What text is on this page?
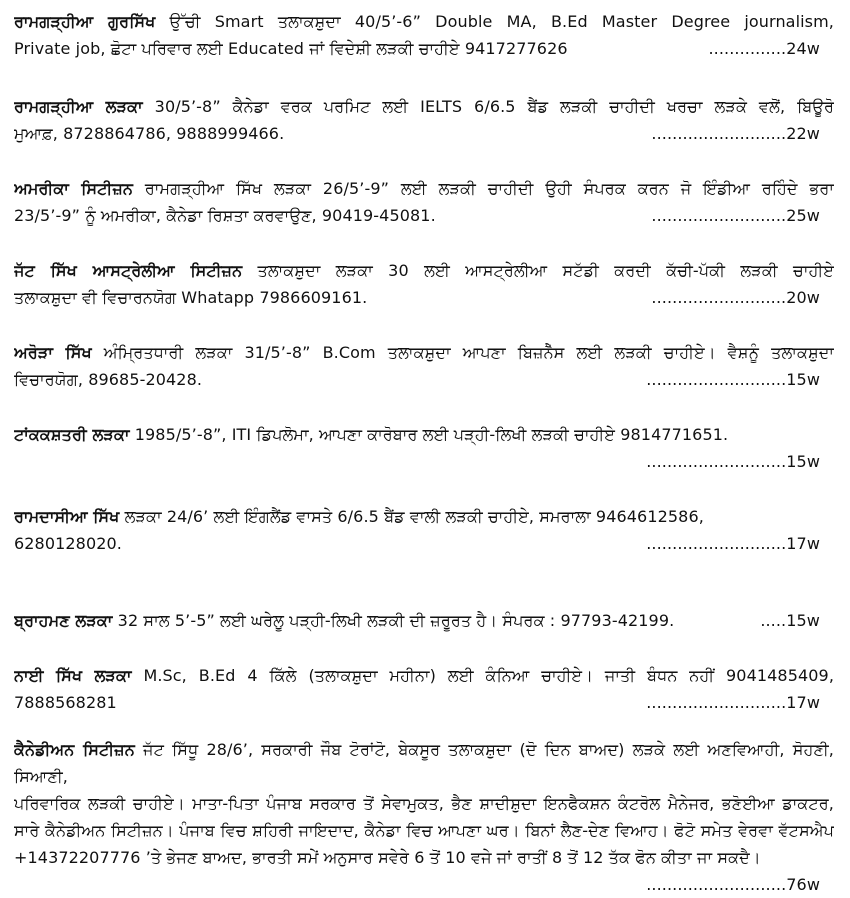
ਰਾਮਗੜ੍ਹੀਆ ਗੁਰਸਿੱਖ ਉੱਚੀ Smart ਤਲਾਕਸ਼ੁਦਾ 40/5’-6” Double MA, B.Ed Master Degree journalism,
Private job, ਛੋਟਾ ਪਰਿਵਾਰ ਲਈ Educated ਜਾਂ ਵਿਦੇਸ਼ੀ ਲੜਕੀ ਚਾਹੀਏ 9417277626	...............24w
ਰਾਮਗੜ੍ਹੀਆ ਲੜਕਾ 30/5’-8” ਕੈਨੇਡਾ ਵਰਕ ਪਰਮਿਟ ਲਈ IELTS 6/6.5 ਬੈਂਡ ਲੜਕੀ ਚਾਹੀਦੀ ਖਰਚਾ ਲੜਕੇ ਵਲੋਂ, ਬਿਊਰੋ
ਮੁਆਫ਼, 8728864786, 9888999466.	..........................22w
ਅਮਰੀਕਾ ਸਿਟੀਜ਼ਨ ਰਾਮਗੜ੍ਹੀਆ ਸਿੱਖ ਲੜਕਾ 26/5’-9” ਲਈ ਲੜਕੀ ਚਾਹੀਦੀ ਉਹੀ ਸੰਪਰਕ ਕਰਨ ਜੋ ਇੰਡੀਆ ਰਹਿੰਦੇ ਭਰਾ
23/5’-9” ਨੂੰ ਅਮਰੀਕਾ, ਕੈਨੇਡਾ ਰਿਸ਼ਤਾ ਕਰਵਾਉਣ, 90419-45081.	..........................25w
ਜੱਟ ਸਿੱਖ ਆਸਟ੍ਰੇਲੀਆ ਸਿਟੀਜ਼ਨ ਤਲਾਕਸ਼ੁਦਾ ਲੜਕਾ 30 ਲਈ ਆਸਟ੍ਰੇਲੀਆ ਸਟੱਡੀ ਕਰਦੀ ਕੱਚੀ-ਪੱਕੀ ਲੜਕੀ ਚਾਹੀਏ
ਤਲਾਕਸ਼ੁਦਾ ਵੀ ਵਿਚਾਰਨਯੋਗ Whatapp 7986609161.	..........................20w
ਅਰੋੜਾ ਸਿੱਖ ਅੰਮ੍ਰਿਤਧਾਰੀ ਲੜਕਾ 31/5’-8” B.Com ਤਲਾਕਸ਼ੁਦਾ ਆਪਣਾ ਬਿਜ਼ਨੈੱਸ ਲਈ ਲੜਕੀ ਚਾਹੀਏ। ਵੈਸ਼ਨੂੰ ਤਲਾਕਸ਼ੁਦਾ
ਵਿਚਾਰਯੋਗ, 89685-20428.	...........................15w
ਟਾਂਕਕਸ਼ਤਰੀ ਲੜਕਾ 1985/5’-8”, ITI ਡਿਪਲੋਮਾ, ਆਪਣਾ ਕਾਰੋਬਾਰ ਲਈ ਪੜ੍ਹੀ-ਲਿਖੀ ਲੜਕੀ ਚਾਹੀਏ 9814771651.
...........................15w
ਰਾਮਦਾਸੀਆ ਸਿੱਖ ਲੜਕਾ 24/6’ ਲਈ ਇੰਗਲੈਂਡ ਵਾਸਤੇ 6/6.5 ਬੈਂਡ ਵਾਲੀ ਲੜਕੀ ਚਾਹੀਏ, ਸਮਰਾਲਾ 9464612586,
6280128020.	...........................17w
ਬ੍ਰਾਹਮਣ ਲੜਕਾ 32 ਸਾਲ 5’-5” ਲਈ ਘਰੇਲੂ ਪੜ੍ਹੀ-ਲਿਖੀ ਲੜਕੀ ਦੀ ਜ਼ਰੂਰਤ ਹੈ। ਸੰਪਰਕ : 97793-42199.	.....15w
ਨਾਈ ਸਿੱਖ ਲੜਕਾ M.Sc, B.Ed 4 ਕਿੱਲੇ (ਤਲਾਕਸ਼ੁਦਾ ਮਹੀਨਾ) ਲਈ ਕੰਨਿਆ ਚਾਹੀਏ। ਜਾਤੀ ਬੰਧਨ ਨਹੀਂ 9041485409,
7888568281	...........................17w
ਕੈਨੇਡੀਅਨ ਸਿਟੀਜ਼ਨ ਜੱਟ ਸਿੱਧੂ 28/6’, ਸਰਕਾਰੀ ਜੌਬ ਟੋਰਾਂਟੋ, ਬੇਕਸੂਰ ਤਲਾਕਸ਼ੁਦਾ (ਦੋ ਦਿਨ ਬਾਅਦ) ਲੜਕੇ ਲਈ ਅਣਵਿਆਹੀ, ਸੋਹਣੀ, ਸਿਆਣੀ,
ਪਰਿਵਾਰਿਕ ਲੜਕੀ ਚਾਹੀਏ। ਮਾਤਾ-ਪਿਤਾ ਪੰਜਾਬ ਸਰਕਾਰ ਤੋਂ ਸੇਵਾਮੁਕਤ, ਭੈਣ ਸ਼ਾਦੀਸ਼ੁਦਾ ਇਨਫੈਕਸ਼ਨ ਕੰਟਰੋਲ ਮੈਨੇਜਰ, ਭਣੋਈਆ ਡਾਕਟਰ,
ਸਾਰੇ ਕੈਨੇਡੀਅਨ ਸਿਟੀਜ਼ਨ। ਪੰਜਾਬ ਵਿਚ ਸ਼ਹਿਰੀ ਜਾਇਦਾਦ, ਕੈਨੇਡਾ ਵਿਚ ਆਪਣਾ ਘਰ। ਬਿਨਾਂ ਲੈਣ-ਦੇਣ ਵਿਆਹ। ਫੋਟੋ ਸਮੇਤ ਵੇਰਵਾ ਵੱਟਸਐਪ
+14372207776 ’ਤੇ ਭੇਜਣ ਬਾਅਦ, ਭਾਰਤੀ ਸਮੇਂ ਅਨੁਸਾਰ ਸਵੇਰੇ 6 ਤੋਂ 10 ਵਜੇ ਜਾਂ ਰਾਤੀਂ 8 ਤੋਂ 12 ਤੱਕ ਫੋਨ ਕੀਤਾ ਜਾ ਸਕਦੈ।
...........................76w
